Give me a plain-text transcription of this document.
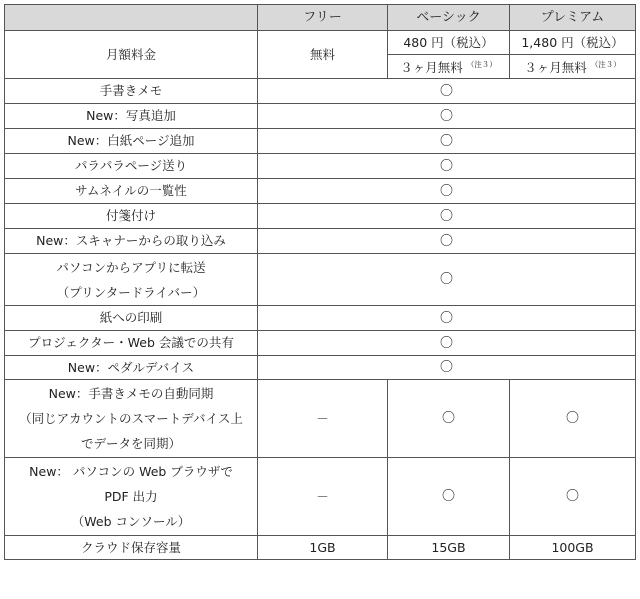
	フリー	ベーシック	プレミアム
月額料金	無料	480 円（税込）	1,480 円（税込）
		３ヶ月無料 $^{(注3)}$	３ヶ月無料 $^{(注3)}$
手書きメモ	〇		
New：写真追加	〇		
New：白紙ページ追加	〇		
パラパラページ送り	〇		
サムネイルの一覧性	〇		
付箋付け	〇		
New：スキャナーからの取り込み	〇		

パソコンからアプリに転送
（プリンタードライバー）	〇		
紙への印刷	〇		
プロジェクター・Web 会議での共有	〇		
New：ペダルデバイス	〇		

New：手書きメモの自動同期
（同じアカウントのスマートデバイス上
でデータを同期）	－	〇	〇

New： パソコンの Web ブラウザで
PDF 出力
（Web コンソール）	－	〇	〇
クラウド保存容量	1GB	15GB	100GB
